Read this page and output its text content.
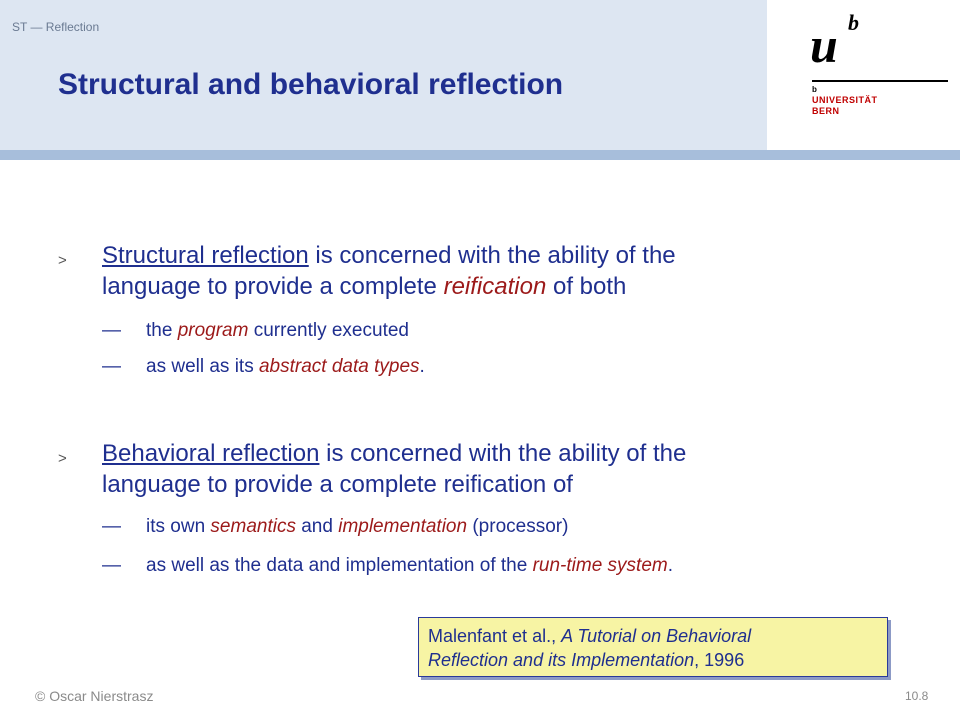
ST — Reflection
Structural and behavioral reflection
u b
b
UNIVERSITÄT
BERN
> Structural reflection is concerned with the ability of the
language to provide a complete reification of both
— the program currently executed
— as well as its abstract data types.
> Behavioral reflection is concerned with the ability of the
language to provide a complete reification of
— its own semantics and implementation (processor)
— as well as the data and implementation of the run-time system.
Malenfant et al., A Tutorial on Behavioral
Reflection and its Implementation, 1996
© Oscar Nierstrasz	10.8
